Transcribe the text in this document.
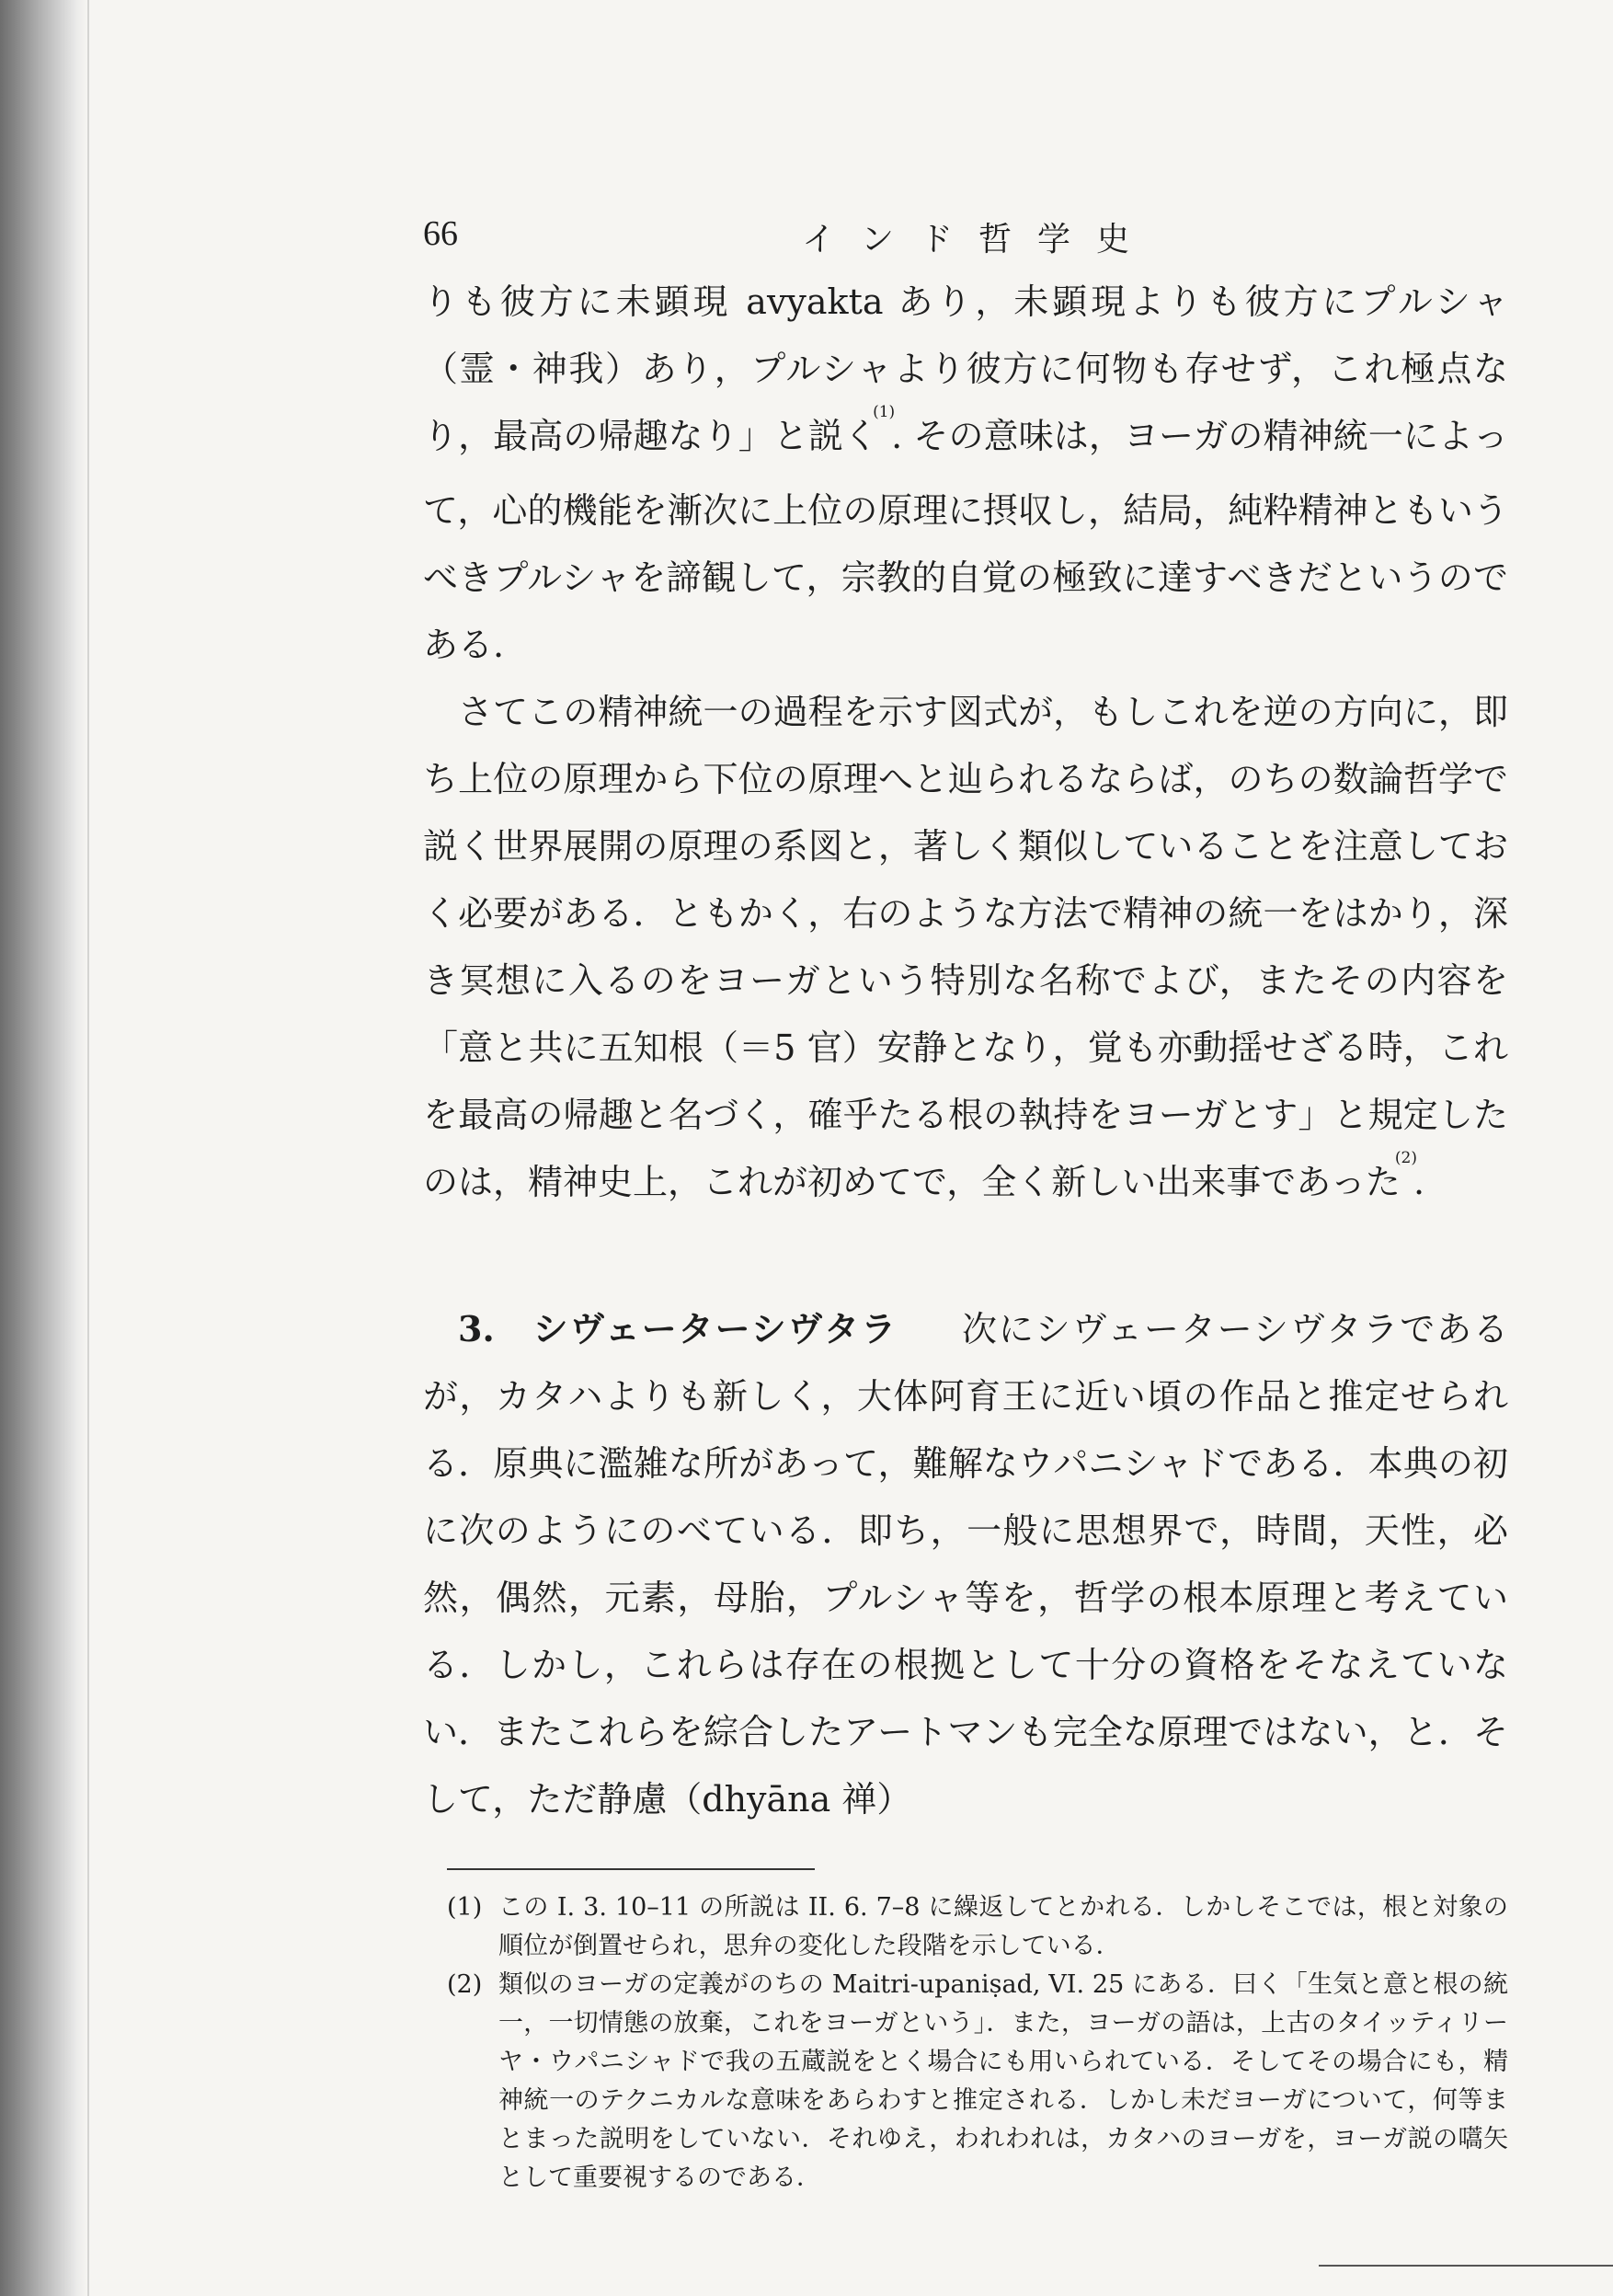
66	インド哲学史

りも彼方に未顕現 avyakta あり，未顕現よりも彼方にプルシャ（霊・神我）あり，プルシャより彼方に何物も存せず，これ極点なり，最高の帰趣なり」と説く$^{(1)}$. その意味は，ヨーガの精神統一によって，心的機能を漸次に上位の原理に摂収し，結局，純粋精神ともいうべきプルシャを諦観して，宗教的自覚の極致に達すべきだというのである.

さてこの精神統一の過程を示す図式が，もしこれを逆の方向に，即ち上位の原理から下位の原理へと辿られるならば，のちの数論哲学で説く世界展開の原理の系図と，著しく類似していることを注意しておく必要がある．ともかく，右のような方法で精神の統一をはかり，深き冥想に入るのをヨーガという特別な名称でよび，またその内容を「意と共に五知根（＝5 官）安静となり，覚も亦動揺せざる時，これを最高の帰趣と名づく，確乎たる根の執持をヨーガとす」と規定したのは，精神史上，これが初めてで，全く新しい出来事であった$^{(2)}$.

3. シヴェーターシヴタラ 次にシヴェーターシヴタラであるが，カタハよりも新しく，大体阿育王に近い頃の作品と推定せられる．原典に濫雑な所があって，難解なウパニシャドである．本典の初に次のようにのべている．即ち，一般に思想界で，時間，天性，必然，偶然，元素，母胎，プルシャ等を，哲学の根本原理と考えている．しかし，これらは存在の根拠として十分の資格をそなえていない．またこれらを綜合したアートマンも完全な原理ではない，と．そして，ただ静慮（dhyāna 禅）

(1) この I. 3. 10–11 の所説は II. 6. 7–8 に繰返してとかれる．しかしそこでは，根と対象の順位が倒置せられ，思弁の変化した段階を示している．
(2) 類似のヨーガの定義がのちの Maitri-upaniṣad, VI. 25 にある．曰く「生気と意と根の統一，一切情態の放棄，これをヨーガという」．また，ヨーガの語は，上古のタイッティリーヤ・ウパニシャドで我の五蔵説をとく場合にも用いられている．そしてその場合にも，精神統一のテクニカルな意味をあらわすと推定される．しかし未だヨーガについて，何等まとまった説明をしていない．それゆえ，われわれは，カタハのヨーガを，ヨーガ説の嚆矢として重要視するのである．
